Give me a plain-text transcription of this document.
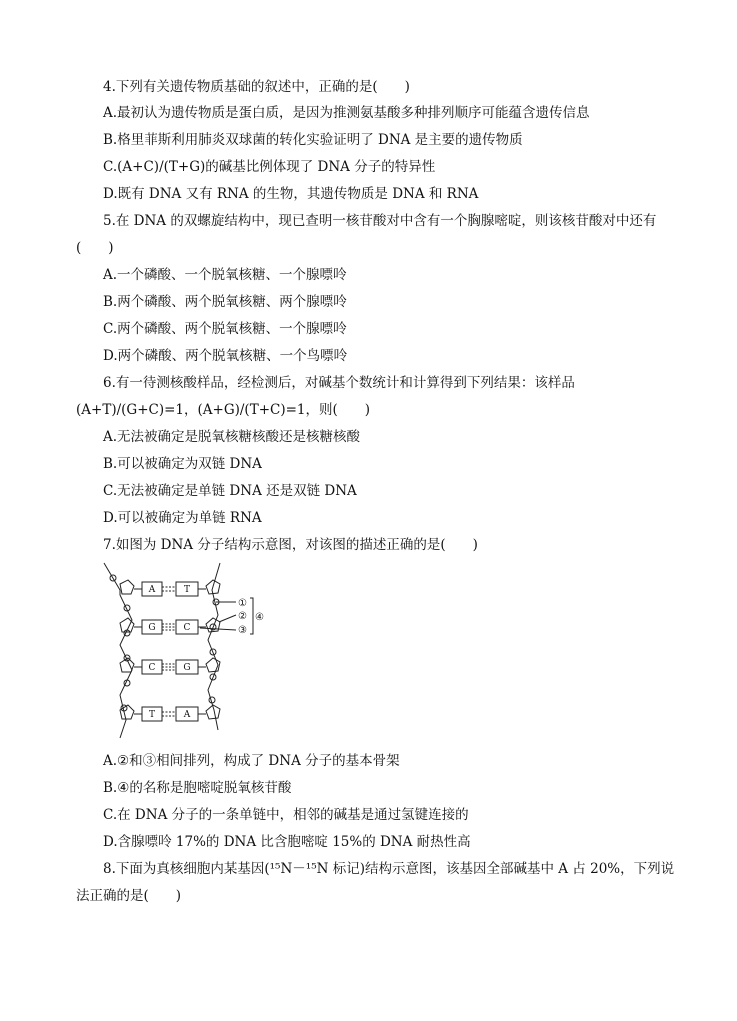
4.下列有关遗传物质基础的叙述中，正确的是(　　)
A.最初认为遗传物质是蛋白质，是因为推测氨基酸多种排列顺序可能蕴含遗传信息
B.格里菲斯利用肺炎双球菌的转化实验证明了 DNA 是主要的遗传物质
C.(A+C)/(T+G)的碱基比例体现了 DNA 分子的特异性
D.既有 DNA 又有 RNA 的生物，其遗传物质是 DNA 和 RNA
5.在 DNA 的双螺旋结构中，现已查明一核苷酸对中含有一个胸腺嘧啶，则该核苷酸对中还有
(　　)
A.一个磷酸、一个脱氧核糖、一个腺嘌呤
B.两个磷酸、两个脱氧核糖、两个腺嘌呤
C.两个磷酸、两个脱氧核糖、一个腺嘌呤
D.两个磷酸、两个脱氧核糖、一个鸟嘌呤
6.有一待测核酸样品，经检测后，对碱基个数统计和计算得到下列结果：该样品
(A+T)/(G+C)=1，(A+G)/(T+C)=1，则(　　)
A.无法被确定是脱氧核糖核酸还是核糖核酸
B.可以被确定为双链 DNA
C.无法被确定是单链 DNA 还是双链 DNA
D.可以被确定为单链 RNA
7.如图为 DNA 分子结构示意图，对该图的描述正确的是(　　)
A	T
G	C
C	G
T	A
①
②
③
④
A.②和③相间排列，构成了 DNA 分子的基本骨架
B.④的名称是胞嘧啶脱氧核苷酸
C.在 DNA 分子的一条单链中，相邻的碱基是通过氢键连接的
D.含腺嘌呤 17%的 DNA 比含胞嘧啶 15%的 DNA 耐热性高
8.下面为真核细胞内某基因(¹⁵N－¹⁵N 标记)结构示意图，该基因全部碱基中 A 占 20%，下列说
法正确的是(　　)
